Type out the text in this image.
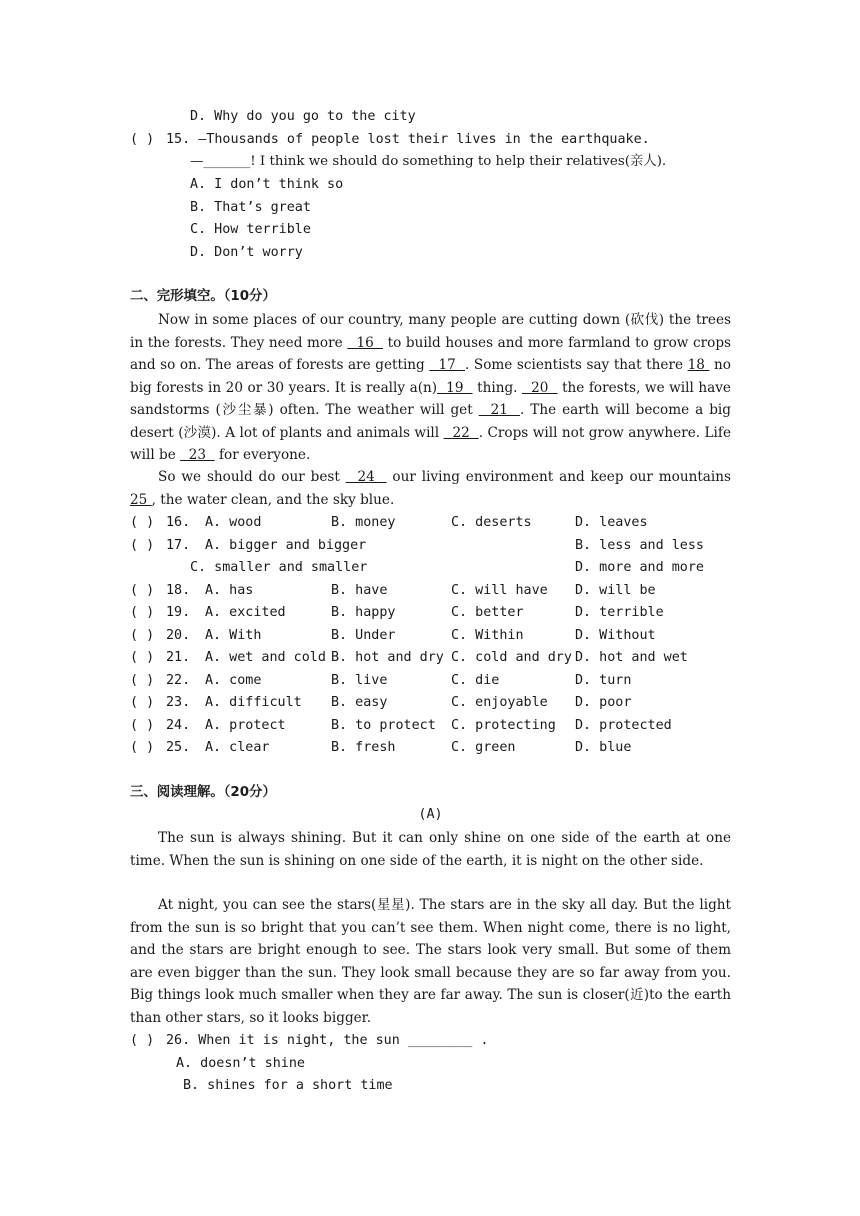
D. Why do you go to the city
( ) 15. —Thousands of people lost their lives in the earthquake.
—_______! I think we should do something to help their relatives(亲人).
A. I don’t think so
B. That’s great
C. How terrible
D. Don’t worry
二、完形填空。（10分）

Now in some places of our country, many people are cutting down (砍伐) the trees in the forests. They need more   16   to build houses and more farmland to grow crops and so on. The areas of forests are getting   17  . Some scientists say that there 18  no big forests in 20 or 30 years. It is really a(n)  19   thing.   20   the forests, we will have sandstorms (沙尘暴) often. The weather will get   21  . The earth will become a big desert (沙漠). A lot of plants and animals will   22  . Crops will not grow anywhere. Life will be   23   for everyone.

So we should do our best   24   our living environment and keep our mountains 25 , the water clean, and the sky blue.

三、阅读理解。（20分）
(A)

The sun is always shining. But it can only shine on one side of the earth at one time. When the sun is shining on one side of the earth, it is night on the other side.

At night, you can see the stars(星星). The stars are in the sky all day. But the light from the sun is so bright that you can’t see them. When night come, there is no light, and the stars are bright enough to see. The stars look very small. But some of them are even bigger than the sun. They look small because they are so far away from you. Big things look much smaller when they are far away. The sun is closer(近)to the earth than other stars, so it looks bigger.

( ) 26. When it is night, the sun ________ .
A. doesn’t shine
B. shines for a short time
( ) 16. A. wood	B. money	C. deserts	D. leaves
( ) 17. A. bigger and bigger	B. less and less
C. smaller and smaller	D. more and more
( ) 18. A. has	B. have	C. will have D. will be
( ) 19. A. excited	B. happy	C. better	D. terrible
( ) 20. A. With	B. Under	C. Within	D. Without
( ) 21. A. wet and cold B. hot and dry C. cold and dry D. hot and wet
( ) 22. A. come	B. live	C. die	D. turn
( ) 23. A. difficult B. easy	C. enjoyable D. poor
( ) 24. A. protect	B. to protect C. protecting D. protected
( ) 25. A. clear	B. fresh	C. green	D. blue
